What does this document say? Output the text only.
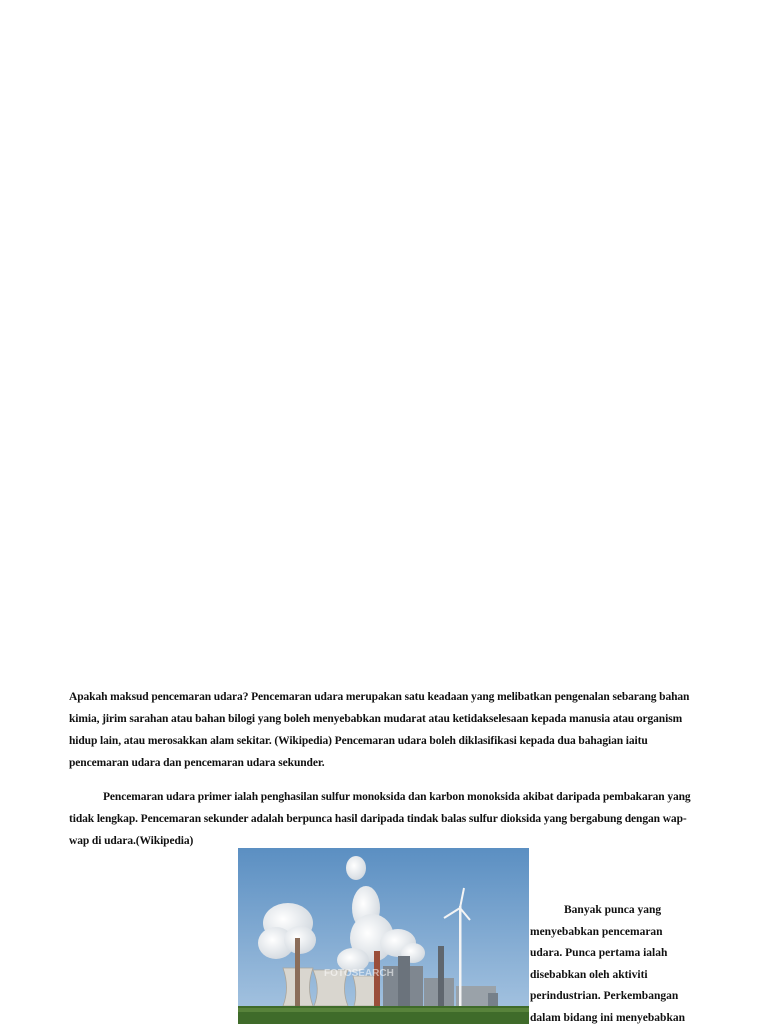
Apakah maksud pencemaran udara? Pencemaran udara merupakan satu keadaan yang melibatkan pengenalan sebarang bahan kimia, jirim sarahan atau bahan bilogi yang boleh menyebabkan mudarat atau ketidakselesaan kepada manusia atau organism hidup lain, atau merosakkan alam sekitar. (Wikipedia) Pencemaran udara boleh diklasifikasi kepada dua bahagian iaitu pencemaran udara dan pencemaran udara sekunder.

Pencemaran udara primer ialah penghasilan sulfur monoksida dan karbon monoksida akibat daripada pembakaran yang tidak lengkap. Pencemaran sekunder adalah berpunca hasil daripada tindak balas sulfur dioksida yang bergabung dengan wap-wap di udara.(Wikipedia)

FOTOSEARCH

Banyak punca yang menyebabkan pencemaran udara. Punca pertama ialah disebabkan oleh aktiviti perindustrian. Perkembangan dalam bidang ini menyebabkan
